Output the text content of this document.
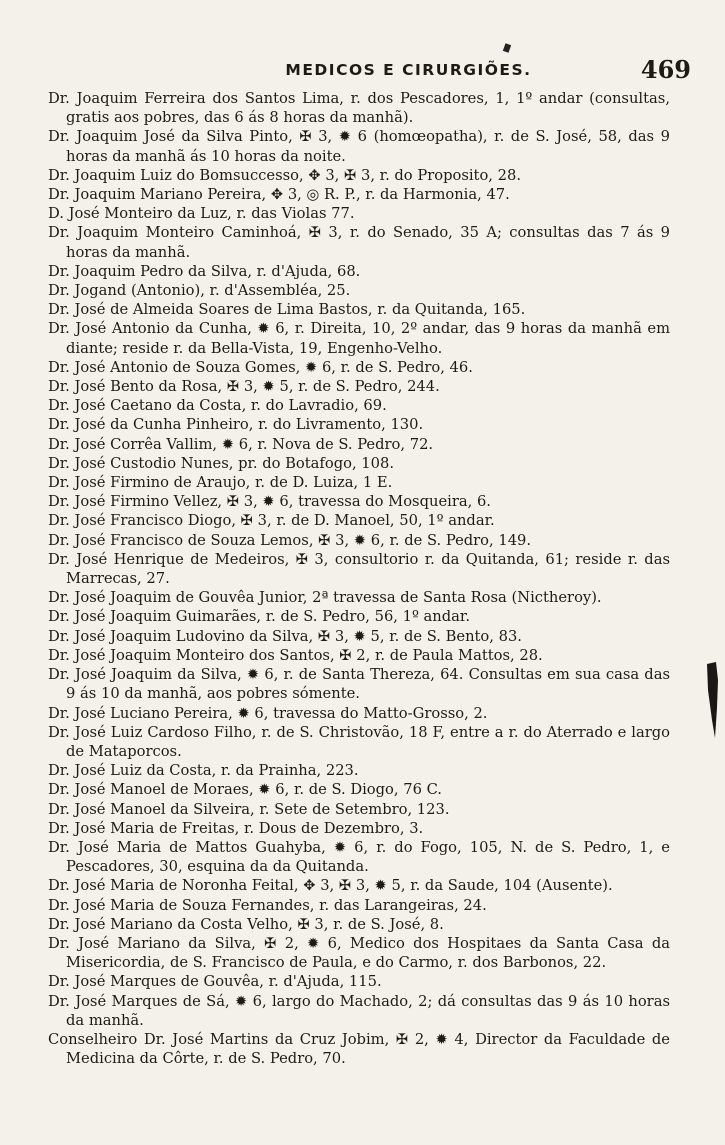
MEDICOS E CIRURGIÕES.	469

Dr. Joaquim Ferreira dos Santos Lima, r. dos Pescadores, 1, 1º andar (consultas, gratis aos pobres, das 6 ás 8 horas da manhã).

Dr. Joaquim José da Silva Pinto, ✠ 3, ✹ 6 (homœopatha), r. de S. José, 58, das 9 horas da manhã ás 10 horas da noite.

Dr. Joaquim Luiz do Bomsuccesso, ✥ 3, ✠ 3, r. do Proposito, 28.

Dr. Joaquim Mariano Pereira, ✥ 3, ◎ R. P., r. da Harmonia, 47.

D. José Monteiro da Luz, r. das Violas 77.

Dr. Joaquim Monteiro Caminhoá, ✠ 3, r. do Senado, 35 A; consultas das 7 ás 9 horas da manhã.

Dr. Joaquim Pedro da Silva, r. d'Ajuda, 68.

Dr. Jogand (Antonio), r. d'Assembléa, 25.

Dr. José de Almeida Soares de Lima Bastos, r. da Quitanda, 165.

Dr. José Antonio da Cunha, ✹ 6, r. Direita, 10, 2º andar, das 9 horas da manhã em diante; reside r. da Bella-Vista, 19, Engenho-Velho.

Dr. José Antonio de Souza Gomes, ✹ 6, r. de S. Pedro, 46.

Dr. José Bento da Rosa, ✠ 3, ✹ 5, r. de S. Pedro, 244.

Dr. José Caetano da Costa, r. do Lavradio, 69.

Dr. José da Cunha Pinheiro, r. do Livramento, 130.

Dr. José Corrêa Vallim, ✹ 6, r. Nova de S. Pedro, 72.

Dr. José Custodio Nunes, pr. do Botafogo, 108.

Dr. José Firmino de Araujo, r. de D. Luiza, 1 E.

Dr. José Firmino Vellez, ✠ 3, ✹ 6, travessa do Mosqueira, 6.

Dr. José Francisco Diogo, ✠ 3, r. de D. Manoel, 50, 1º andar.

Dr. José Francisco de Souza Lemos, ✠ 3, ✹ 6, r. de S. Pedro, 149.

Dr. José Henrique de Medeiros, ✠ 3, consultorio r. da Quitanda, 61; reside r. das Marrecas, 27.

Dr. José Joaquim de Gouvêa Junior, 2ª travessa de Santa Rosa (Nictheroy).

Dr. José Joaquim Guimarães, r. de S. Pedro, 56, 1º andar.

Dr. José Joaquim Ludovino da Silva, ✠ 3, ✹ 5, r. de S. Bento, 83.

Dr. José Joaquim Monteiro dos Santos, ✠ 2, r. de Paula Mattos, 28.

Dr. José Joaquim da Silva, ✹ 6, r. de Santa Thereza, 64. Consultas em sua casa das 9 ás 10 da manhã, aos pobres sómente.

Dr. José Luciano Pereira, ✹ 6, travessa do Matto-Grosso, 2.

Dr. José Luiz Cardoso Filho, r. de S. Christovão, 18 F, entre a r. do Aterrado e largo de Mataporcos.

Dr. José Luiz da Costa, r. da Prainha, 223.

Dr. José Manoel de Moraes, ✹ 6, r. de S. Diogo, 76 C.

Dr. José Manoel da Silveira, r. Sete de Setembro, 123.

Dr. José Maria de Freitas, r. Dous de Dezembro, 3.

Dr. José Maria de Mattos Guahyba, ✹ 6, r. do Fogo, 105, N. de S. Pedro, 1, e Pescadores, 30, esquina da da Quitanda.

Dr. José Maria de Noronha Feital, ✥ 3, ✠ 3, ✹ 5, r. da Saude, 104 (Ausente).

Dr. José Maria de Souza Fernandes, r. das Larangeiras, 24.

Dr. José Mariano da Costa Velho, ✠ 3, r. de S. José, 8.

Dr. José Mariano da Silva, ✠ 2, ✹ 6, Medico dos Hospitaes da Santa Casa da Misericordia, de S. Francisco de Paula, e do Carmo, r. dos Barbonos, 22.

Dr. José Marques de Gouvêa, r. d'Ajuda, 115.

Dr. José Marques de Sá, ✹ 6, largo do Machado, 2; dá consultas das 9 ás 10 horas da manhã.

Conselheiro Dr. José Martins da Cruz Jobim, ✠ 2, ✹ 4, Director da Faculdade de Medicina da Côrte, r. de S. Pedro, 70.
